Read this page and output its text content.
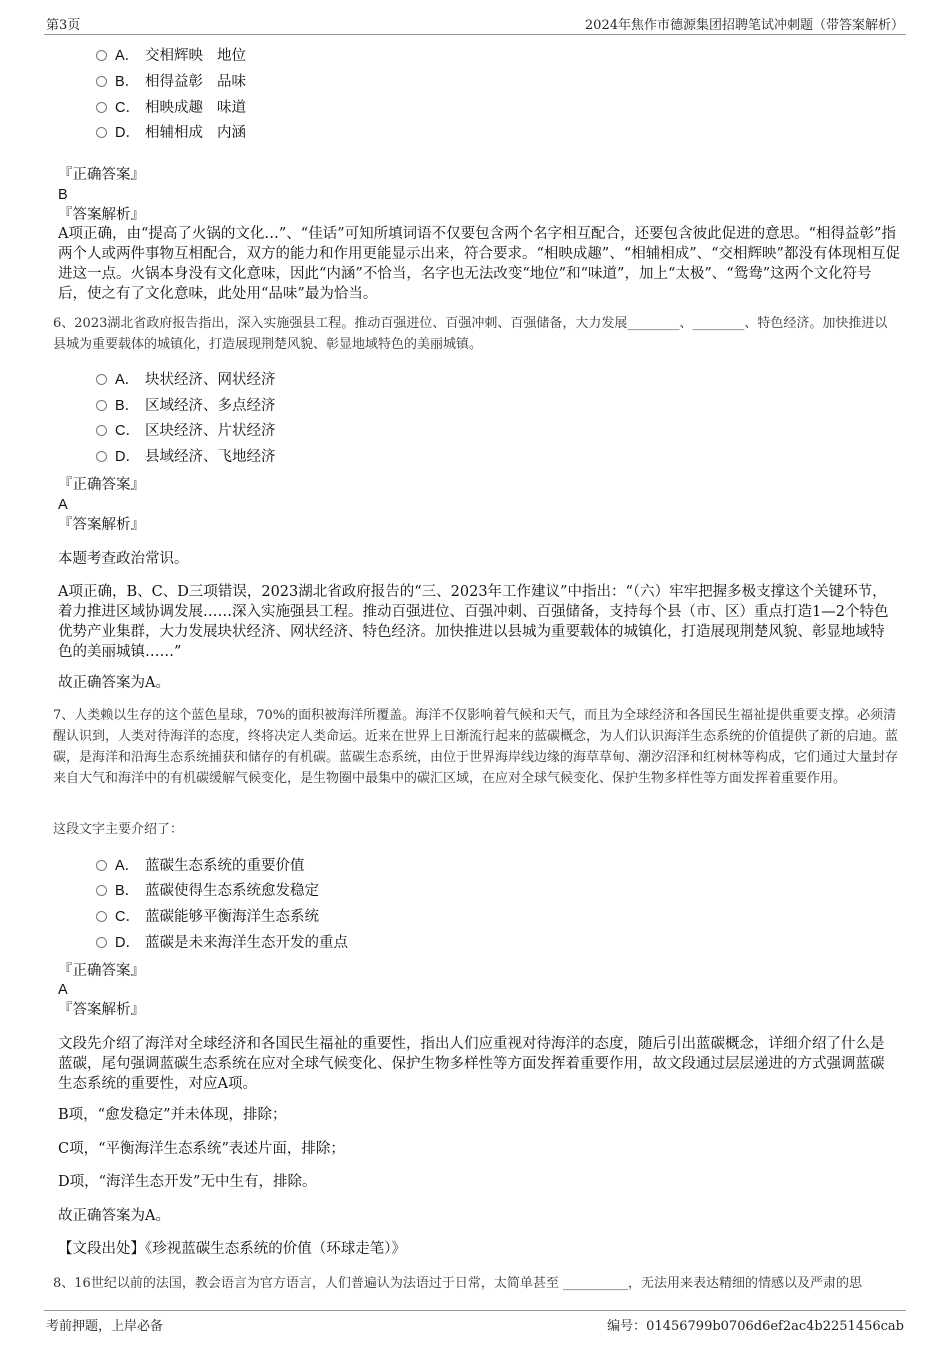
第3页	2024年焦作市德源集团招聘笔试冲刺题（带答案解析）
A． 交相辉映 地位
B． 相得益彰 品味
C． 相映成趣 味道
D． 相辅相成 内涵
『正确答案』
B
『答案解析』
A项正确，由“提高了火锅的文化…”、“佳话”可知所填词语不仅要包含两个名字相互配合，还要包含彼此促进的意思。“相得益彰”指两个人或两件事物互相配合，双方的能力和作用更能显示出来，符合要求。“相映成趣”、“相辅相成”、“交相辉映”都没有体现相互促进这一点。火锅本身没有文化意味，因此“内涵”不恰当，名字也无法改变“地位”和“味道”，加上“太极”、“鸳鸯”这两个文化符号后，使之有了文化意味，此处用“品味”最为恰当。
6、2023湖北省政府报告指出，深入实施强县工程。推动百强进位、百强冲刺、百强储备，大力发展________、________、特色经济。加快推进以县城为重要载体的城镇化，打造展现荆楚风貌、彰显地域特色的美丽城镇。
A． 块状经济、网状经济
B． 区域经济、多点经济
C． 区块经济、片状经济
D． 县域经济、飞地经济
『正确答案』
A
『答案解析』
本题考查政治常识。
A项正确，B、C、D三项错误，2023湖北省政府报告的“三、2023年工作建议”中指出：“（六）牢牢把握多极支撑这个关键环节，着力推进区域协调发展……深入实施强县工程。推动百强进位、百强冲刺、百强储备，支持每个县（市、区）重点打造1—2个特色优势产业集群，大力发展块状经济、网状经济、特色经济。加快推进以县城为重要载体的城镇化，打造展现荆楚风貌、彰显地域特色的美丽城镇……”
故正确答案为A。
7、人类赖以生存的这个蓝色星球，70%的面积被海洋所覆盖。海洋不仅影响着气候和天气，而且为全球经济和各国民生福祉提供重要支撑。必须清醒认识到，人类对待海洋的态度，终将决定人类命运。近来在世界上日渐流行起来的蓝碳概念，为人们认识海洋生态系统的价值提供了新的启迪。蓝碳，是海洋和沿海生态系统捕获和储存的有机碳。蓝碳生态系统，由位于世界海岸线边缘的海草草甸、潮汐沼泽和红树林等构成，它们通过大量封存来自大气和海洋中的有机碳缓解气候变化，是生物圈中最集中的碳汇区域，在应对全球气候变化、保护生物多样性等方面发挥着重要作用。
这段文字主要介绍了：
A． 蓝碳生态系统的重要价值
B． 蓝碳使得生态系统愈发稳定
C． 蓝碳能够平衡海洋生态系统
D． 蓝碳是未来海洋生态开发的重点
『正确答案』
A
『答案解析』
文段先介绍了海洋对全球经济和各国民生福祉的重要性，指出人们应重视对待海洋的态度，随后引出蓝碳概念，详细介绍了什么是蓝碳，尾句强调蓝碳生态系统在应对全球气候变化、保护生物多样性等方面发挥着重要作用，故文段通过层层递进的方式强调蓝碳生态系统的重要性，对应A项。
B项，“愈发稳定”并未体现，排除；
C项，“平衡海洋生态系统”表述片面，排除；
D项，“海洋生态开发”无中生有，排除。
故正确答案为A。
【文段出处】《珍视蓝碳生态系统的价值（环球走笔）》
8、16世纪以前的法国，教会语言为官方语言，人们普遍认为法语过于日常，太简单甚至 __________，无法用来表达精细的情感以及严肃的思
考前押题，上岸必备	编号：01456799b0706d6ef2ac4b2251456cab
